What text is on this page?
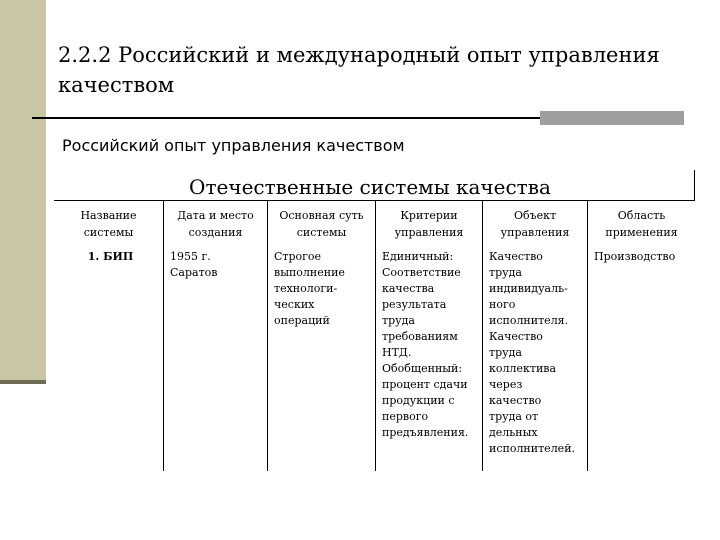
2.2.2 Российский и международный опыт управления качеством
Российский опыт управления качеством
Отечественные системы качества
Название системы
1. БИП
Дата и место создания
1955 г.
Саратов
Основная суть системы
Строгое
выполнение
технологи-
ческих
операций
Критерии управления
Единичный:
Соответствие
качества
результата
труда
требованиям
НТД.
Обобщенный:
процент сдачи
продукции с
первого
предъявления.
Объект управления
Качество
труда
индивидуаль-
ного
исполнителя.
Качество
труда
коллектива
через
качество
труда от
дельных
исполнителей.
Область применения
Производство
